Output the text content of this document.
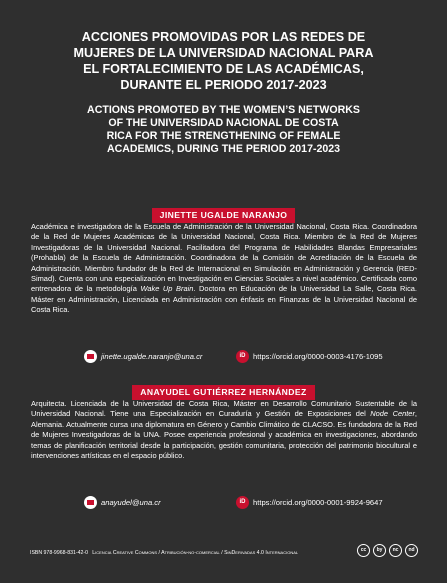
ACCIONES PROMOVIDAS POR LAS REDES DE
MUJERES DE LA UNIVERSIDAD NACIONAL PARA
EL FORTALECIMIENTO DE LAS ACADÉMICAS,
DURANTE EL PERIODO 2017-2023
ACTIONS PROMOTED BY THE WOMEN’S NETWORKS
OF THE UNIVERSIDAD NACIONAL DE COSTA
RICA FOR THE STRENGTHENING OF FEMALE
ACADEMICS, DURING THE PERIOD 2017-2023
JINETTE UGALDE NARANJO

Académica e investigadora de la Escuela de Administración de la Universidad Nacional, Costa Rica. Coordinadora de la Red de Mujeres Académicas de la Universidad Nacional, Costa Rica. Miembro de la Red de Mujeres Investigadoras de la Universidad Nacional. Facilitadora del Programa de Habilidades Blandas Empresariales (Prohabla) de la Escuela de Administración. Coordinadora de la Comisión de Acreditación de la Escuela de Administración. Miembro fundador de la Red de Internacional en Simulación en Administración y Gerencia (RED-Simad). Cuenta con una especialización en Investigación en Ciencias Sociales a nivel académico. Certificada como entrenadora de la metodología Wake Up Brain. Doctora en Educación de la Universidad La Salle, Costa Rica. Máster en Administración, Licenciada en Administración con énfasis en Finanzas de la Universidad Nacional de Costa Rica.

jinette.ugalde.naranjo@una.cr	iD https://orcid.org/0000-0003-4176-1095
ANAYUDEL GUTIÉRREZ HERNÁNDEZ

Arquitecta. Licenciada de la Universidad de Costa Rica, Máster en Desarrollo Comunitario Sustentable de la Universidad Nacional. Tiene una Especialización en Curaduría y Gestión de Exposiciones del Node Center, Alemania. Actualmente cursa una diplomatura en Género y Cambio Climático de CLACSO. Es fundadora de la Red de Mujeres Investigadoras de la UNA. Posee experiencia profesional y académica en investigaciones, abordando temas de planificación territorial desde la participación, gestión comunitaria, protección del patrimonio biocultural e intervenciones artísticas en el espacio público.

anayudel@una.cr	iD https://orcid.org/0000-0001-9924-9647
ISBN 978-9968-831-42-0 Licencia Creative Commons / Atribución-no-comercial / SinDerivadas 4.0 Internacional	cc	by	nc	nd
